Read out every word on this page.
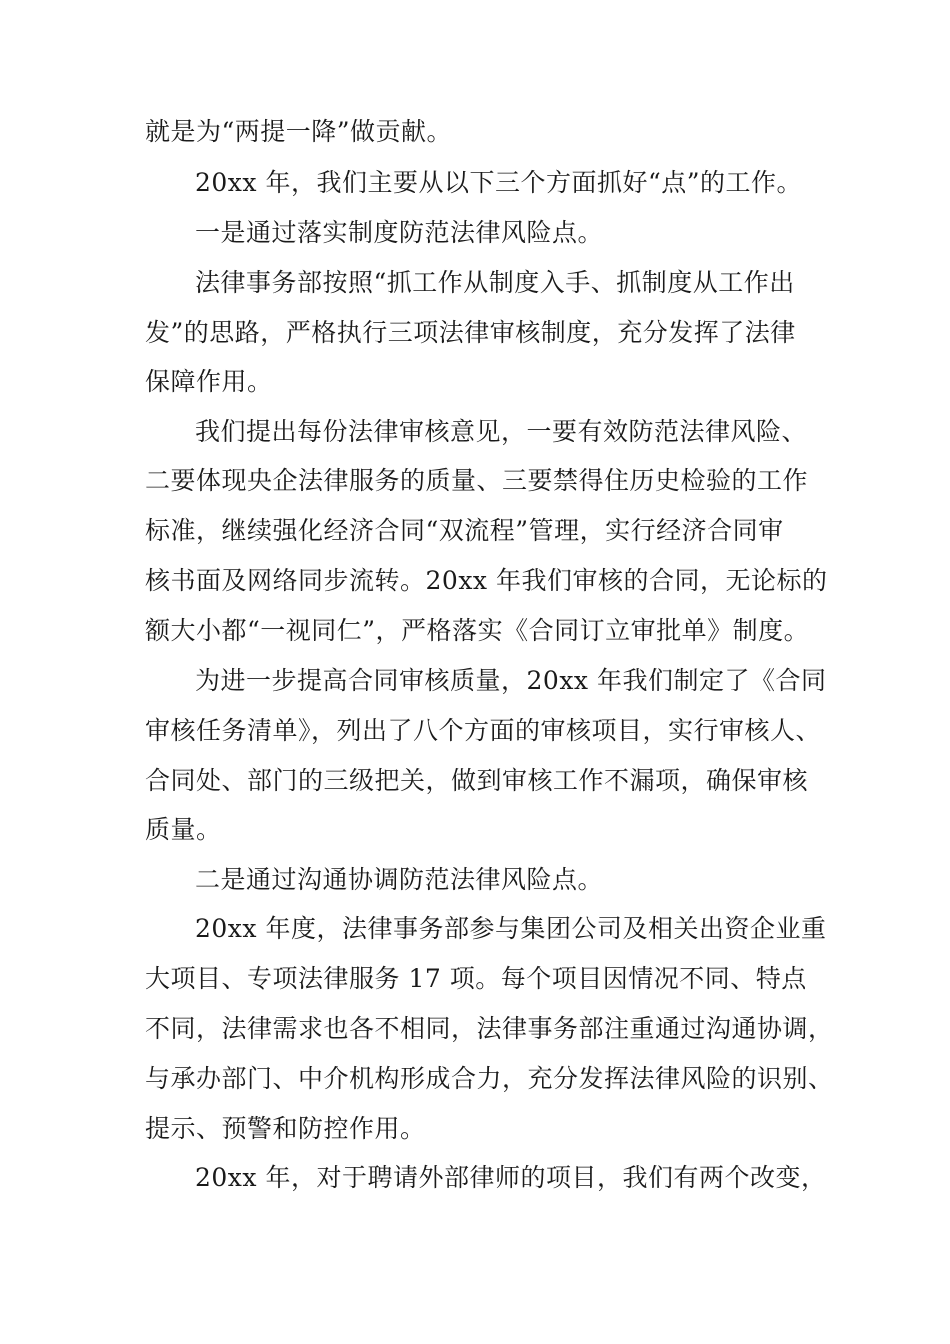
就是为“两提一降”做贡献。
20xx 年，我们主要从以下三个方面抓好“点”的工作。
一是通过落实制度防范法律风险点。
法律事务部按照“抓工作从制度入手、抓制度从工作出
发”的思路，严格执行三项法律审核制度，充分发挥了法律
保障作用。
我们提出每份法律审核意见，一要有效防范法律风险、
二要体现央企法律服务的质量、三要禁得住历史检验的工作
标准，继续强化经济合同“双流程”管理，实行经济合同审
核书面及网络同步流转。20xx 年我们审核的合同，无论标的
额大小都“一视同仁”，严格落实《合同订立审批单》制度。
为进一步提高合同审核质量，20xx 年我们制定了《合同
审核任务清单》，列出了八个方面的审核项目，实行审核人、
合同处、部门的三级把关，做到审核工作不漏项，确保审核
质量。
二是通过沟通协调防范法律风险点。
20xx 年度，法律事务部参与集团公司及相关出资企业重
大项目、专项法律服务 17 项。每个项目因情况不同、特点
不同，法律需求也各不相同，法律事务部注重通过沟通协调，
与承办部门、中介机构形成合力，充分发挥法律风险的识别、
提示、预警和防控作用。
20xx 年，对于聘请外部律师的项目，我们有两个改变，
